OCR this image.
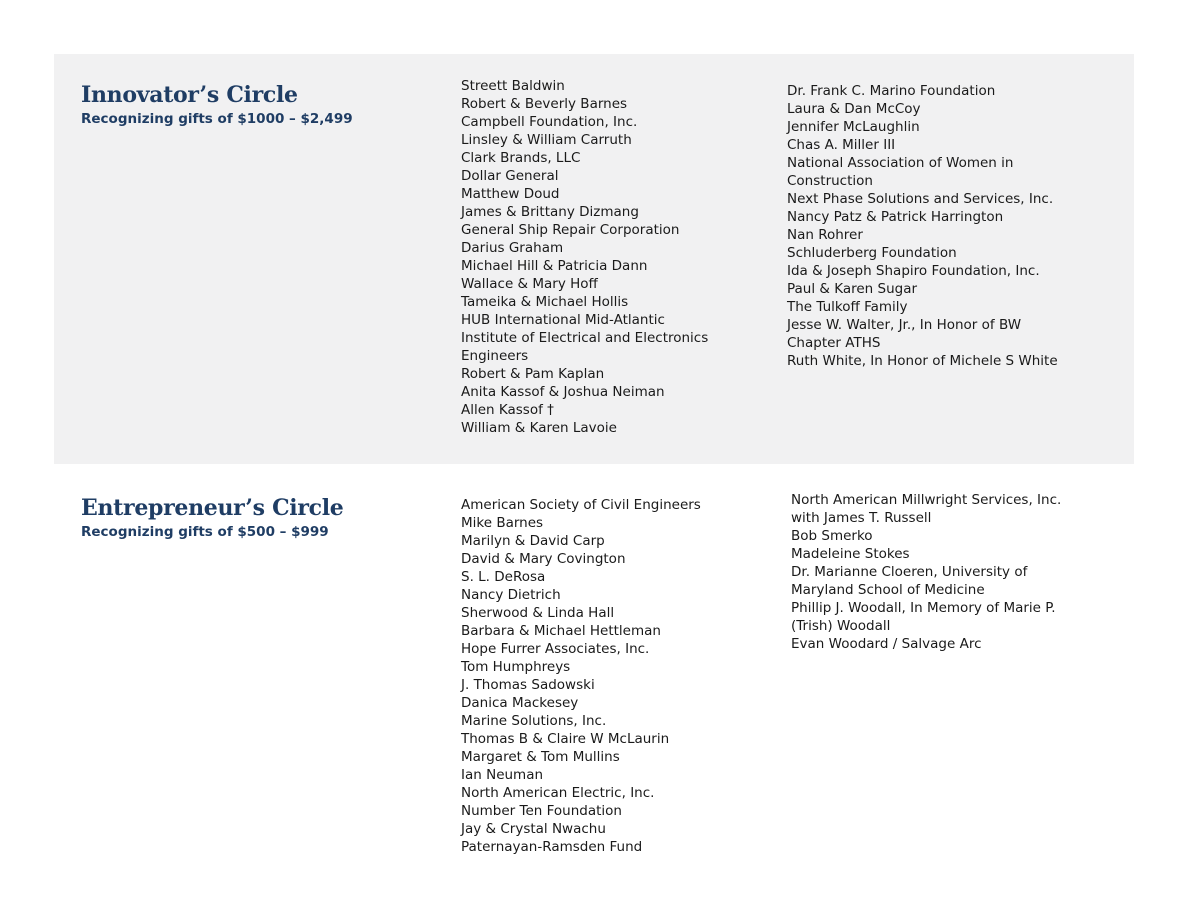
Innovator’s Circle
Recognizing gifts of $1000 – $2,499
Streett Baldwin
Robert & Beverly Barnes
Campbell Foundation, Inc.
Linsley & William Carruth
Clark Brands, LLC
Dollar General
Matthew Doud
James & Brittany Dizmang
General Ship Repair Corporation
Darius Graham
Michael Hill & Patricia Dann
Wallace & Mary Hoff
Tameika & Michael Hollis
HUB International Mid-Atlantic
Institute of Electrical and Electronics Engineers
Robert & Pam Kaplan
Anita Kassof & Joshua Neiman
Allen Kassof †
William & Karen Lavoie
Dr. Frank C. Marino Foundation
Laura & Dan McCoy
Jennifer McLaughlin
Chas A. Miller III
National Association of Women in Construction
Next Phase Solutions and Services, Inc.
Nancy Patz & Patrick Harrington
Nan Rohrer
Schluderberg Foundation
Ida & Joseph Shapiro Foundation, Inc.
Paul & Karen Sugar
The Tulkoff Family
Jesse W. Walter, Jr., In Honor of BW Chapter ATHS
Ruth White, In Honor of Michele S White
Entrepreneur’s Circle
Recognizing gifts of $500 – $999
American Society of Civil Engineers
Mike Barnes
Marilyn & David Carp
David & Mary Covington
S. L. DeRosa
Nancy Dietrich
Sherwood & Linda Hall
Barbara & Michael Hettleman
Hope Furrer Associates, Inc.
Tom Humphreys
J. Thomas Sadowski
Danica Mackesey
Marine Solutions, Inc.
Thomas B & Claire W McLaurin
Margaret & Tom Mullins
Ian Neuman
North American Electric, Inc.
Number Ten Foundation
Jay & Crystal Nwachu
Paternayan-Ramsden Fund
North American Millwright Services, Inc. with James T. Russell
Bob Smerko
Madeleine Stokes
Dr. Marianne Cloeren, University of Maryland School of Medicine
Phillip J. Woodall, In Memory of Marie P. (Trish) Woodall
Evan Woodard / Salvage Arc
